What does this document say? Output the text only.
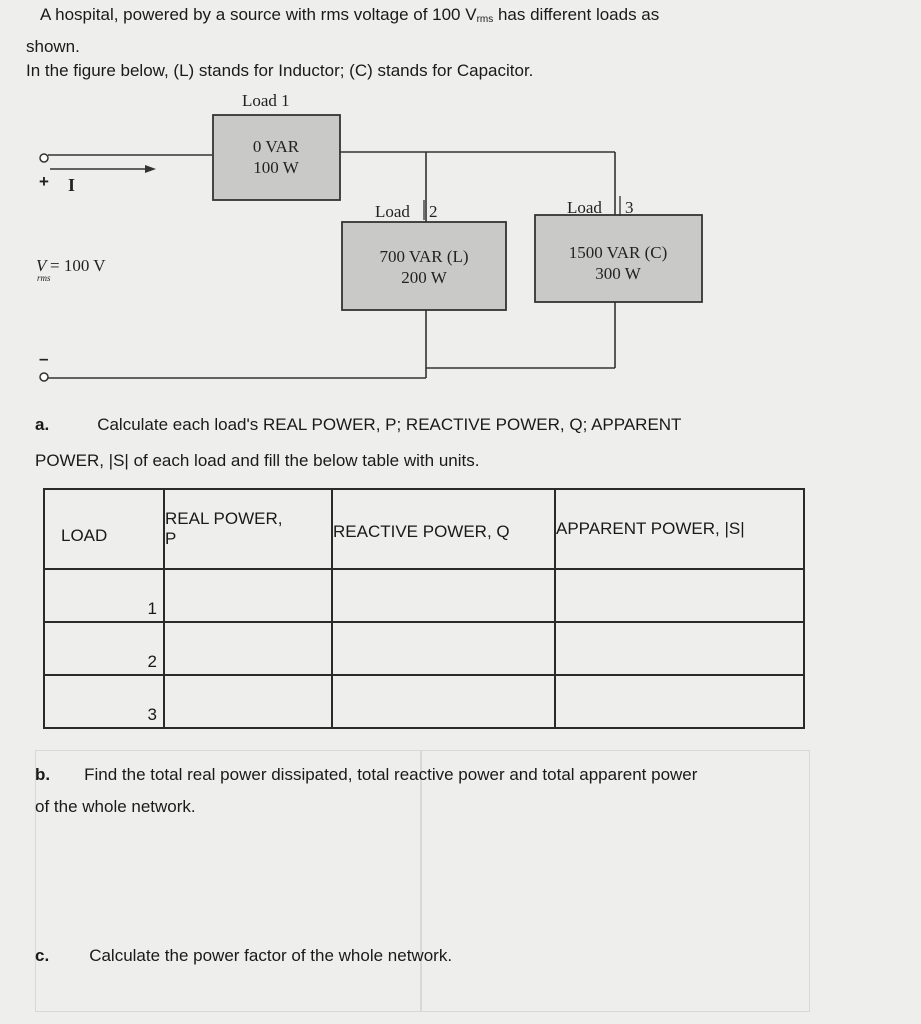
A hospital, powered by a source with rms voltage of 100 $V_{rms}$ has different loads as
shown.
In the figure below, (L) stands for Inductor; (C) stands for Capacitor.
Load 1
0 VAR
100 W
Load 2
700 VAR (L)
200 W
Load 3
1500 VAR (C)
300 W
I
V
rms
= 100 V
+
–
a.	Calculate each load's REAL POWER, P; REACTIVE POWER, Q; APPARENT
POWER, |S| of each load and fill the below table with units.
LOAD	REAL POWER,
P	REACTIVE POWER, Q	APPARENT POWER, |S|
1			
2			
3			
b. Find the total real power dissipated, total reactive power and total apparent power
of the whole network.
c. Calculate the power factor of the whole network.
